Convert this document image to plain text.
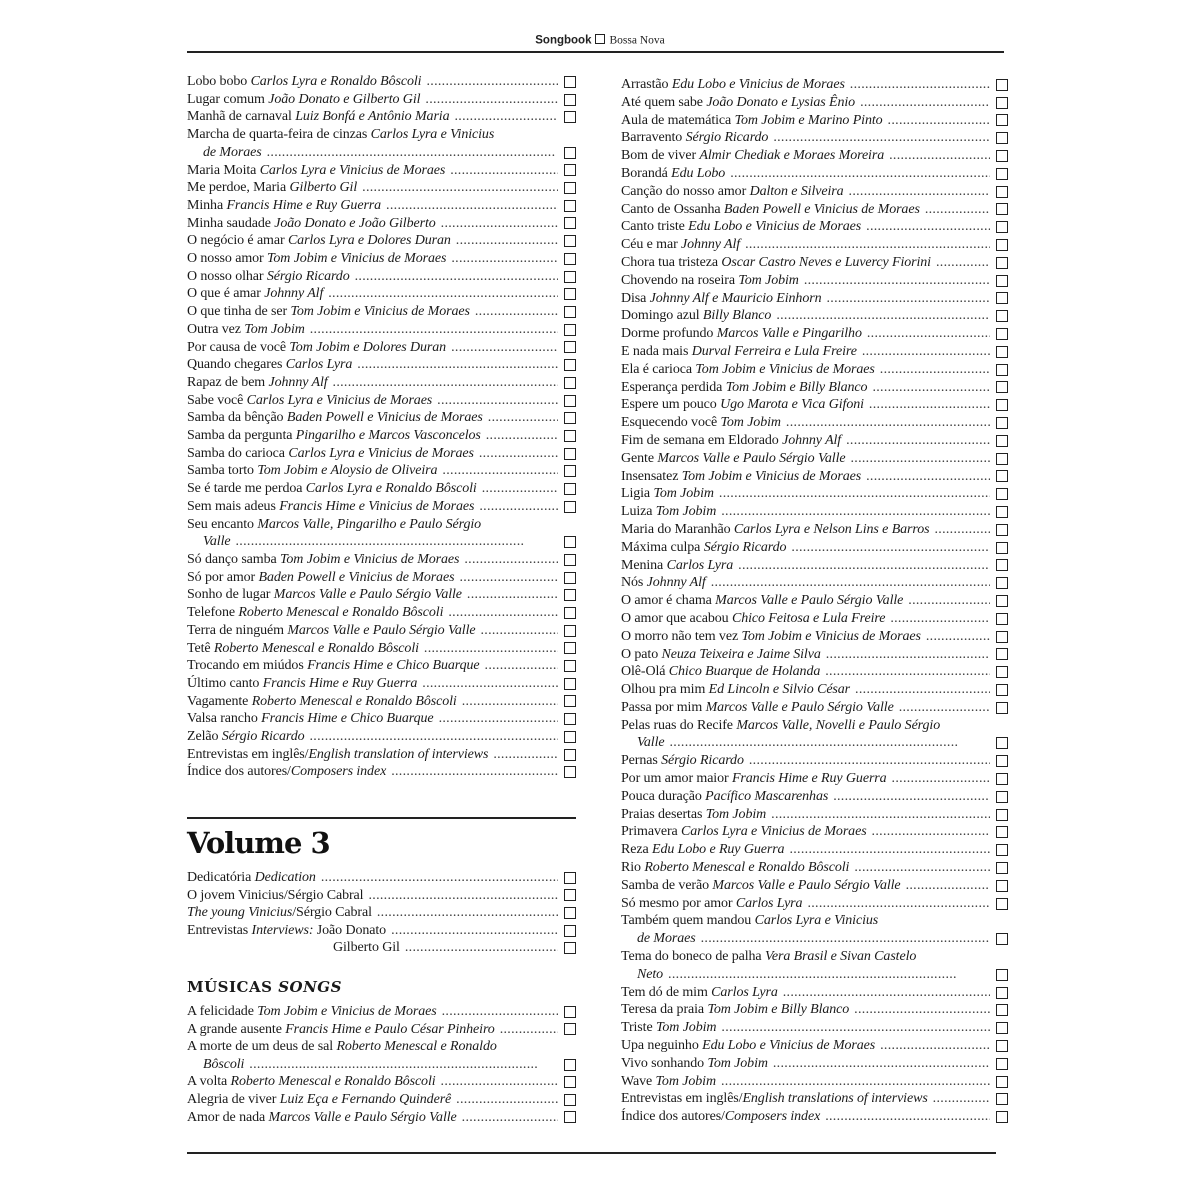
Songbook Bossa Nova
Lobo bobo Carlos Lyra e Ronaldo Bôscoli
. . .
Lugar comum João Donato e Gilberto Gil
. . .
Manhã de carnaval Luiz Bonfá e Antônio Maria
. . .
Marcha de quarta-feira de cinzas Carlos Lyra e Vinicius
de Moraes
. . .
Maria Moita Carlos Lyra e Vinicius de Moraes
. . .
Me perdoe, Maria Gilberto Gil
. . .
Minha Francis Hime e Ruy Guerra
. . .
Minha saudade João Donato e João Gilberto
. . .
O negócio é amar Carlos Lyra e Dolores Duran
. . .
O nosso amor Tom Jobim e Vinicius de Moraes
. . .
O nosso olhar Sérgio Ricardo
. . .
O que é amar Johnny Alf
. . .
O que tinha de ser Tom Jobim e Vinicius de Moraes
. . .
Outra vez Tom Jobim
. . .
Por causa de você Tom Jobim e Dolores Duran
. . .
Quando chegares Carlos Lyra
. . .
Rapaz de bem Johnny Alf
. . .
Sabe você Carlos Lyra e Vinicius de Moraes
. . .
Samba da bênção Baden Powell e Vinicius de Moraes
. . .
Samba da pergunta Pingarilho e Marcos Vasconcelos
. . .
Samba do carioca Carlos Lyra e Vinicius de Moraes
. . .
Samba torto Tom Jobim e Aloysio de Oliveira
. . .
Se é tarde me perdoa Carlos Lyra e Ronaldo Bôscoli
. . .
Sem mais adeus Francis Hime e Vinicius de Moraes
. . .
Seu encanto Marcos Valle, Pingarilho e Paulo Sérgio
Valle
. . .
Só danço samba Tom Jobim e Vinicius de Moraes
. . .
Só por amor Baden Powell e Vinicius de Moraes
. . .
Sonho de lugar Marcos Valle e Paulo Sérgio Valle
. . .
Telefone Roberto Menescal e Ronaldo Bôscoli
. . .
Terra de ninguém Marcos Valle e Paulo Sérgio Valle
. . .
Tetê Roberto Menescal e Ronaldo Bôscoli
. . .
Trocando em miúdos Francis Hime e Chico Buarque
. . .
Último canto Francis Hime e Ruy Guerra
. . .
Vagamente Roberto Menescal e Ronaldo Bôscoli
. . .
Valsa rancho Francis Hime e Chico Buarque
. . .
Zelão Sérgio Ricardo
. . .
Entrevistas em inglês/English translation of interviews
. . .
Índice dos autores/Composers index
. . .
Volume 3
Dedicatória Dedication
. . .
O jovem Vinicius/Sérgio Cabral
. . .
The young Vinicius/Sérgio Cabral
. . .
Entrevistas Interviews: João Donato
. . .
Gilberto Gil
. . .
MÚSICAS SONGS
A felicidade Tom Jobim e Vinicius de Moraes
. . .
A grande ausente Francis Hime e Paulo César Pinheiro
. . .
A morte de um deus de sal Roberto Menescal e Ronaldo
Bôscoli
. . .
A volta Roberto Menescal e Ronaldo Bôscoli
. . .
Alegria de viver Luiz Eça e Fernando Quinderê
. . .
Amor de nada Marcos Valle e Paulo Sérgio Valle
. . .
Arrastão Edu Lobo e Vinicius de Moraes
. . .
Até quem sabe João Donato e Lysias Ênio
. . .
Aula de matemática Tom Jobim e Marino Pinto
. . .
Barravento Sérgio Ricardo
. . .
Bom de viver Almir Chediak e Moraes Moreira
. . .
Borandá Edu Lobo
. . .
Canção do nosso amor Dalton e Silveira
. . .
Canto de Ossanha Baden Powell e Vinicius de Moraes
. . .
Canto triste Edu Lobo e Vinicius de Moraes
. . .
Céu e mar Johnny Alf
. . .
Chora tua tristeza Oscar Castro Neves e Luvercy Fiorini
. . .
Chovendo na roseira Tom Jobim
. . .
Disa Johnny Alf e Mauricio Einhorn
. . .
Domingo azul Billy Blanco
. . .
Dorme profundo Marcos Valle e Pingarilho
. . .
E nada mais Durval Ferreira e Lula Freire
. . .
Ela é carioca Tom Jobim e Vinicius de Moraes
. . .
Esperança perdida Tom Jobim e Billy Blanco
. . .
Espere um pouco Ugo Marota e Vica Gifoni
. . .
Esquecendo você Tom Jobim
. . .
Fim de semana em Eldorado Johnny Alf
. . .
Gente Marcos Valle e Paulo Sérgio Valle
. . .
Insensatez Tom Jobim e Vinicius de Moraes
. . .
Ligia Tom Jobim
. . .
Luiza Tom Jobim
. . .
Maria do Maranhão Carlos Lyra e Nelson Lins e Barros
. . .
Máxima culpa Sérgio Ricardo
. . .
Menina Carlos Lyra
. . .
Nós Johnny Alf
. . .
O amor é chama Marcos Valle e Paulo Sérgio Valle
. . .
O amor que acabou Chico Feitosa e Lula Freire
. . .
O morro não tem vez Tom Jobim e Vinicius de Moraes
. . .
O pato Neuza Teixeira e Jaime Silva
. . .
Olê-Olá Chico Buarque de Holanda
. . .
Olhou pra mim Ed Lincoln e Silvio César
. . .
Passa por mim Marcos Valle e Paulo Sérgio Valle
. . .
Pelas ruas do Recife Marcos Valle, Novelli e Paulo Sérgio
Valle
. . .
Pernas Sérgio Ricardo
. . .
Por um amor maior Francis Hime e Ruy Guerra
. . .
Pouca duração Pacífico Mascarenhas
. . .
Praias desertas Tom Jobim
. . .
Primavera Carlos Lyra e Vinicius de Moraes
. . .
Reza Edu Lobo e Ruy Guerra
. . .
Rio Roberto Menescal e Ronaldo Bôscoli
. . .
Samba de verão Marcos Valle e Paulo Sérgio Valle
. . .
Só mesmo por amor Carlos Lyra
. . .
Também quem mandou Carlos Lyra e Vinicius
de Moraes
. . .
Tema do boneco de palha Vera Brasil e Sivan Castelo
Neto
. . .
Tem dó de mim Carlos Lyra
. . .
Teresa da praia Tom Jobim e Billy Blanco
. . .
Triste Tom Jobim
. . .
Upa neguinho Edu Lobo e Vinicius de Moraes
. . .
Vivo sonhando Tom Jobim
. . .
Wave Tom Jobim
. . .
Entrevistas em inglês/English translations of interviews
. . .
Índice dos autores/Composers index
. . .
